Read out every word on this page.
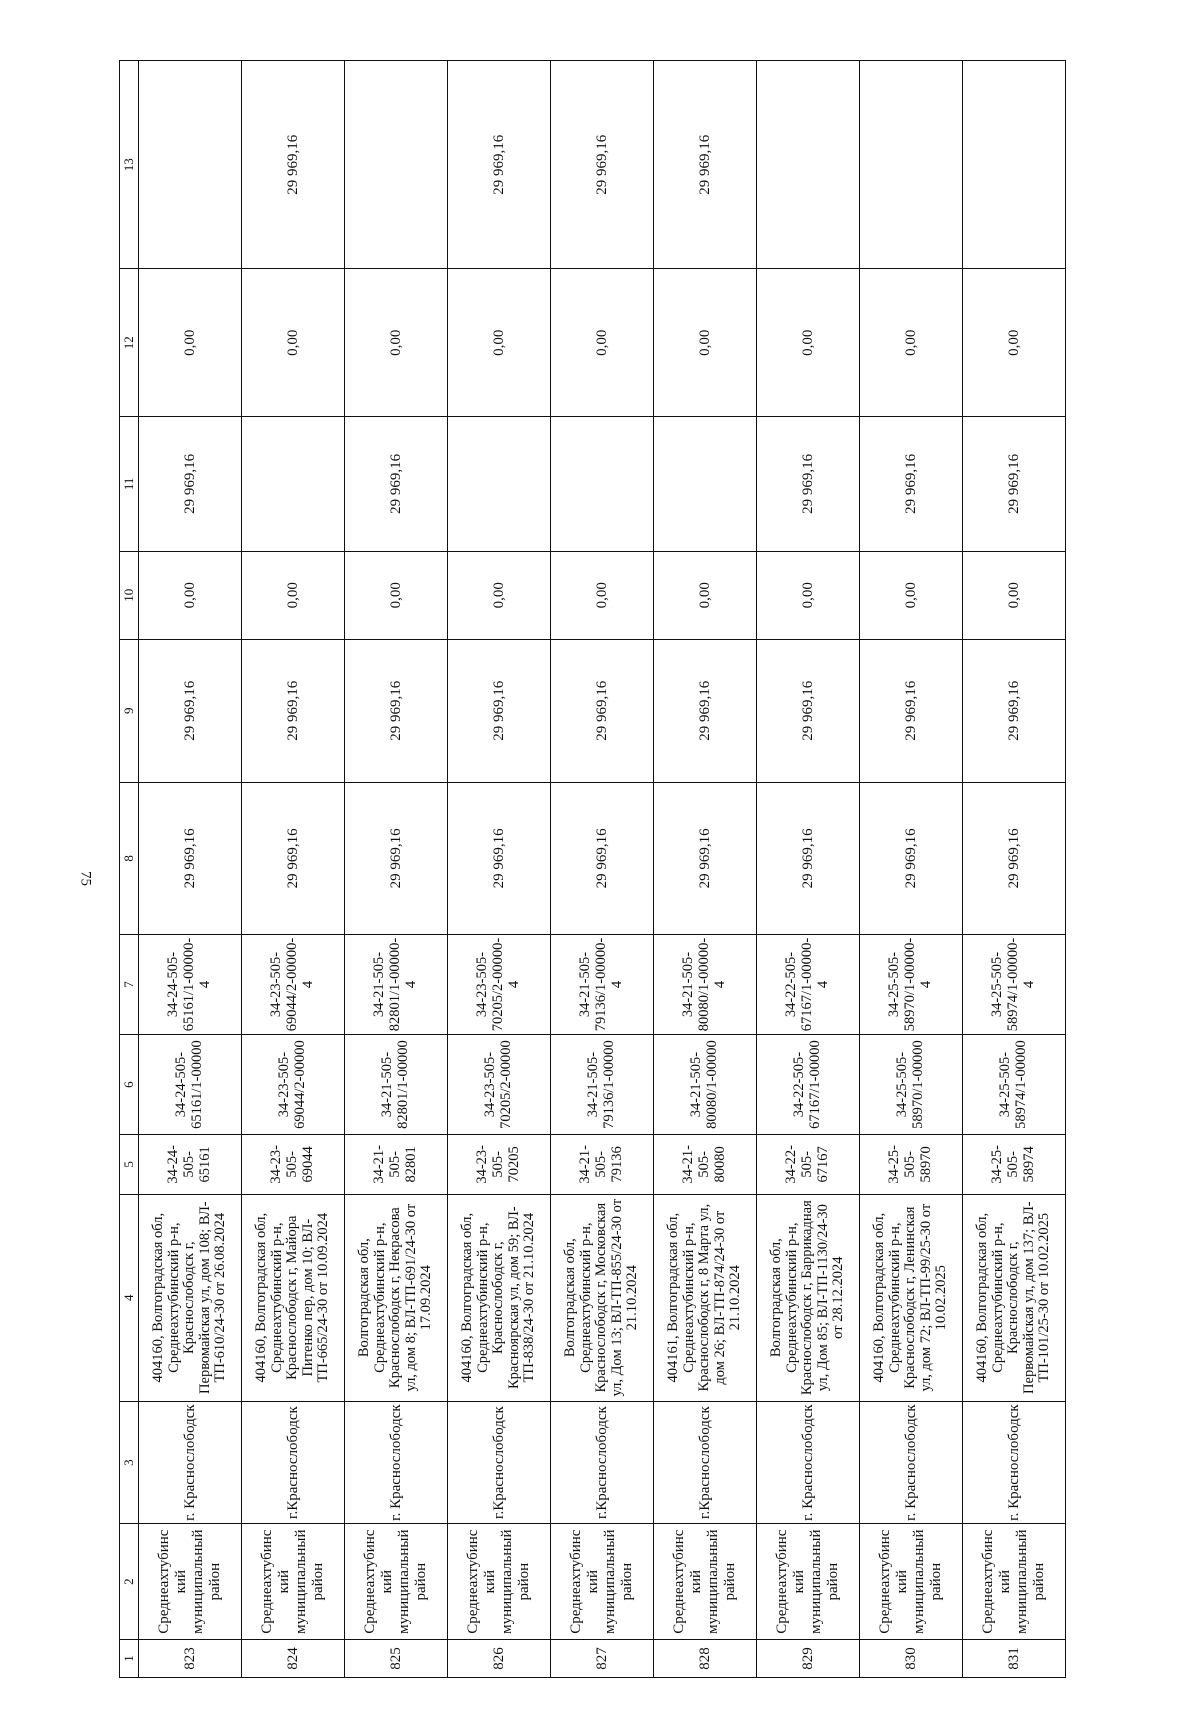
75
1	2	3	4	5	6	7	8	9	10	11	12	13
823	Среднеахтубинский муниципальный район	г. Краснослободск	404160, Волгоградская обл, Среднеахтубинский р-н, Краснослободск г, Первомайская ул, дом 108; ВЛ-ТП-610/24-30 от 26.08.2024	34-24-505-65161	34-24-505-65161/1-00000	34-24-505-65161/1-00000-4	29 969,16	29 969,16	0,00	29 969,16	0,00	
824	Среднеахтубинский муниципальный район	г.Краснослободск	404160, Волгоградская обл, Среднеахтубинский р-н, Краснослободск г, Майора Питенко пер, дом 10; ВЛ-ТП-665/24-30 от 10.09.2024	34-23-505-69044	34-23-505-69044/2-00000	34-23-505-69044/2-00000-4	29 969,16	29 969,16	0,00		0,00	29 969,16
825	Среднеахтубинский муниципальный район	г. Краснослободск	Волгоградская обл, Среднеахтубинский р-н, Краснослободск г, Некрасова ул, дом 8; ВЛ-ТП-691/24-30 от 17.09.2024	34-21-505-82801	34-21-505-82801/1-00000	34-21-505-82801/1-00000-4	29 969,16	29 969,16	0,00	29 969,16	0,00	
826	Среднеахтубинский муниципальный район	г.Краснослободск	404160, Волгоградская обл, Среднеахтубинский р-н, Краснослободск г, Красноярская ул, дом 59; ВЛ-ТП-838/24-30 от 21.10.2024	34-23-505-70205	34-23-505-70205/2-00000	34-23-505-70205/2-00000-4	29 969,16	29 969,16	0,00		0,00	29 969,16
827	Среднеахтубинский муниципальный район	г.Краснослободск	Волгоградская обл, Среднеахтубинский р-н, Краснослободск г, Московская ул, Дом 13; ВЛ-ТП-855/24-30 от 21.10.2024	34-21-505-79136	34-21-505-79136/1-00000	34-21-505-79136/1-00000-4	29 969,16	29 969,16	0,00		0,00	29 969,16
828	Среднеахтубинский муниципальный район	г.Краснослободск	404161, Волгоградская обл, Среднеахтубинский р-н, Краснослободск г, 8 Марта ул, дом 26; ВЛ-ТП-874/24-30 от 21.10.2024	34-21-505-80080	34-21-505-80080/1-00000	34-21-505-80080/1-00000-4	29 969,16	29 969,16	0,00		0,00	29 969,16
829	Среднеахтубинский муниципальный район	г. Краснослободск	Волгоградская обл, Среднеахтубинский р-н, Краснослободск г, Баррикадная ул, Дом 85; ВЛ-ТП-1130/24-30 от 28.12.2024	34-22-505-67167	34-22-505-67167/1-00000	34-22-505-67167/1-00000-4	29 969,16	29 969,16	0,00	29 969,16	0,00	
830	Среднеахтубинский муниципальный район	г. Краснослободск	404160, Волгоградская обл, Среднеахтубинский р-н, Краснослободск г, Ленинская ул, дом 72; ВЛ-ТП-99/25-30 от 10.02.2025	34-25-505-58970	34-25-505-58970/1-00000	34-25-505-58970/1-00000-4	29 969,16	29 969,16	0,00	29 969,16	0,00	
831	Среднеахтубинский муниципальный район	г. Краснослободск	404160, Волгоградская обл, Среднеахтубинский р-н, Краснослободск г, Первомайская ул, дом 137; ВЛ-ТП-101/25-30 от 10.02.2025	34-25-505-58974	34-25-505-58974/1-00000	34-25-505-58974/1-00000-4	29 969,16	29 969,16	0,00	29 969,16	0,00	
